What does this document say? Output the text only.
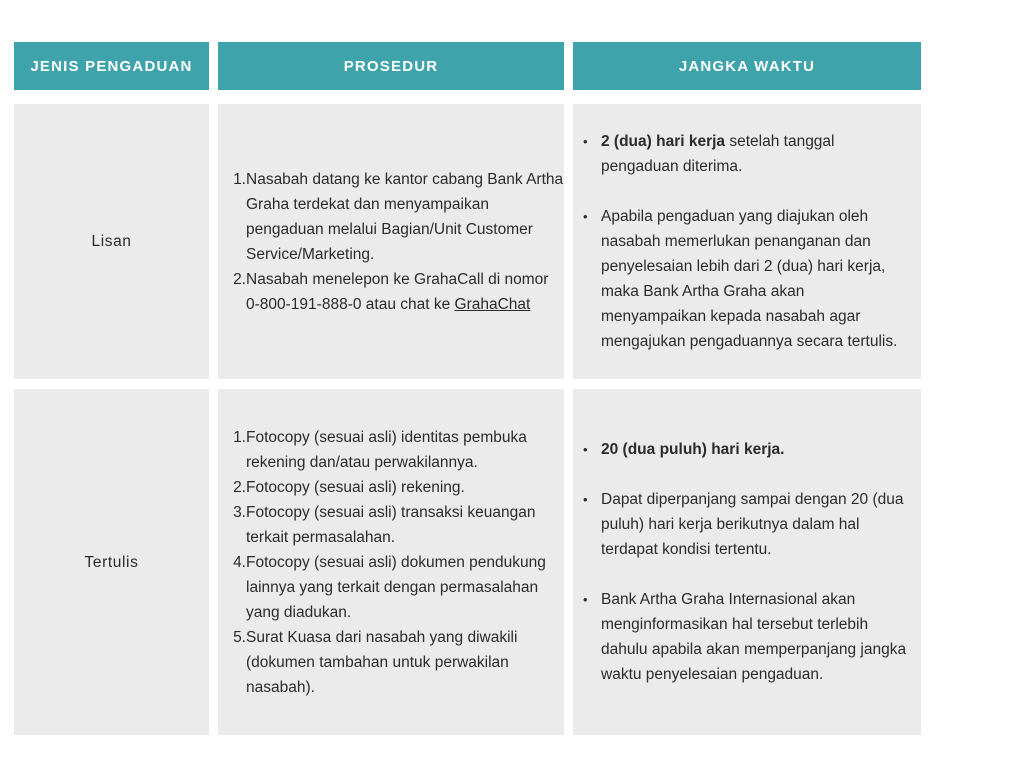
JENIS PENGADUAN	PROSEDUR	JANGKA WAKTU
Lisan
1. Nasabah datang ke kantor cabang Bank Artha Graha terdekat dan menyampaikan pengaduan melalui Bagian/Unit Customer Service/Marketing.
2. Nasabah menelepon ke GrahaCall di nomor 0-800-191-888-0 atau chat ke GrahaChat
• 2 (dua) hari kerja setelah tanggal pengaduan diterima.
• Apabila pengaduan yang diajukan oleh nasabah memerlukan penanganan dan penyelesaian lebih dari 2 (dua) hari kerja, maka Bank Artha Graha akan menyampaikan kepada nasabah agar mengajukan pengaduannya secara tertulis.
Tertulis
1. Fotocopy (sesuai asli) identitas pembuka rekening dan/atau perwakilannya.
2. Fotocopy (sesuai asli) rekening.
3. Fotocopy (sesuai asli) transaksi keuangan terkait permasalahan.
4. Fotocopy (sesuai asli) dokumen pendukung lainnya yang terkait dengan permasalahan yang diadukan.
5. Surat Kuasa dari nasabah yang diwakili (dokumen tambahan untuk perwakilan nasabah).
• 20 (dua puluh) hari kerja.
• Dapat diperpanjang sampai dengan 20 (dua puluh) hari kerja berikutnya dalam hal terdapat kondisi tertentu.
• Bank Artha Graha Internasional akan menginformasikan hal tersebut terlebih dahulu apabila akan memperpanjang jangka waktu penyelesaian pengaduan.
